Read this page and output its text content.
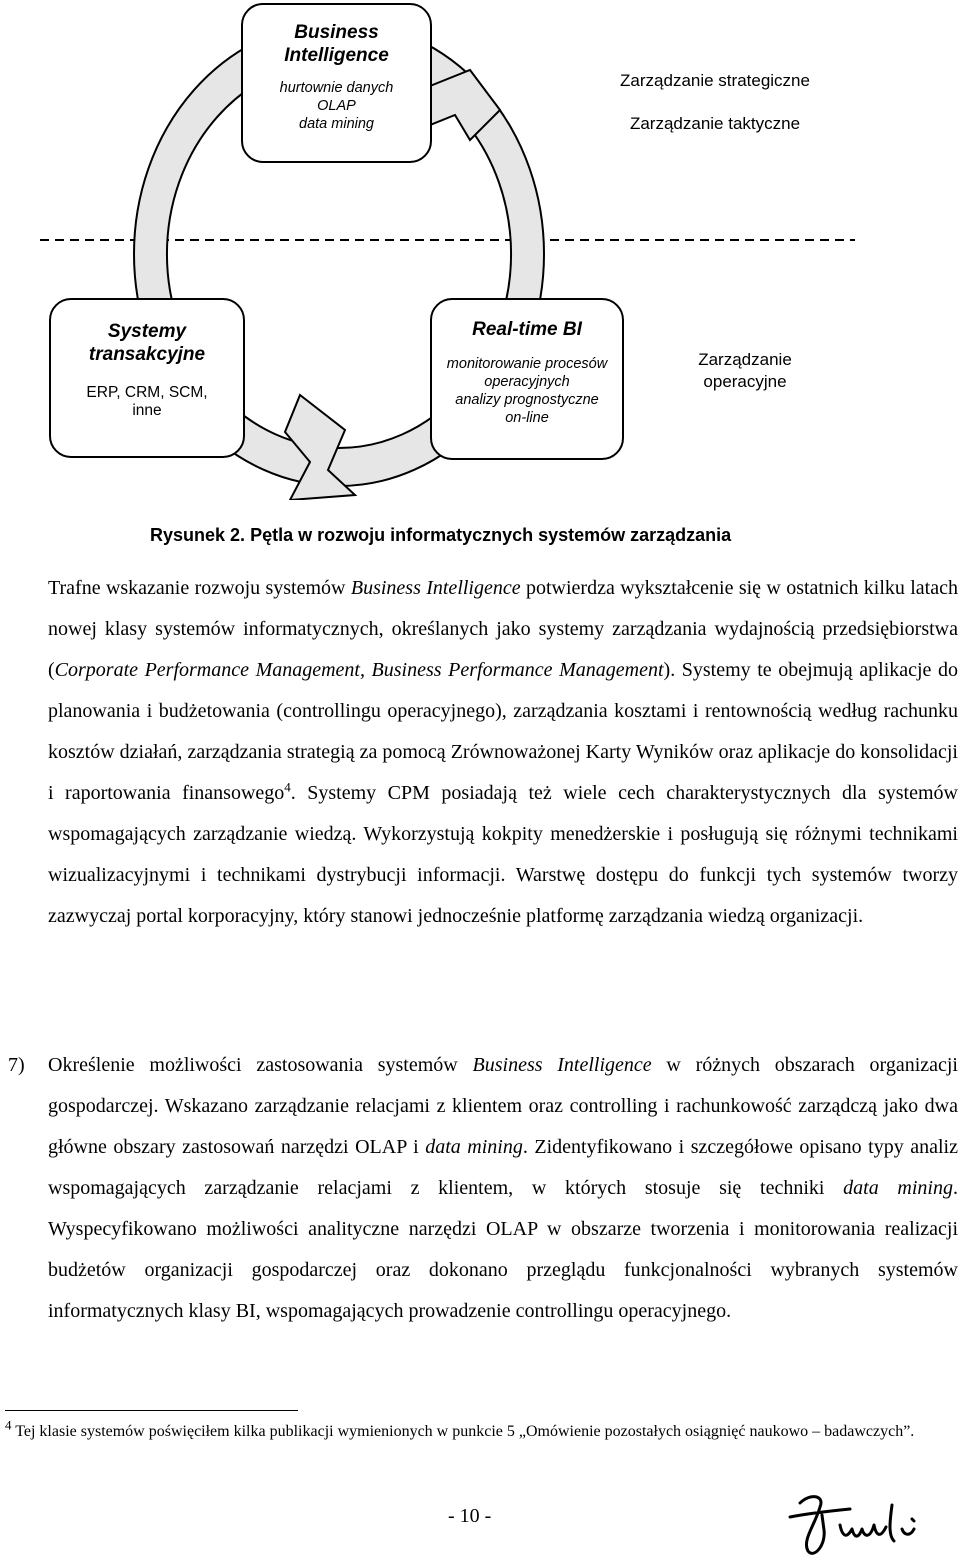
Business
Intelligence
hurtownie danych
OLAP
data mining
Systemy
transakcyjne
ERP, CRM, SCM,
inne
Real-time BI
monitorowanie procesów
operacyjnych
analizy prognostyczne
on-line
Zarządzanie strategiczne
Zarządzanie taktyczne
Zarządzanie
operacyjne
Rysunek 2. Pętla w rozwoju informatycznych systemów zarządzania

Trafne wskazanie rozwoju systemów Business Intelligence potwierdza wykształcenie się w ostatnich kilku latach nowej klasy systemów informatycznych, określanych jako systemy zarządzania wydajnością przedsiębiorstwa (Corporate Performance Management, Business Performance Management). Systemy te obejmują aplikacje do planowania i budżetowania (controllingu operacyjnego), zarządzania kosztami i rentownością według rachunku kosztów działań, zarządzania strategią za pomocą Zrównoważonej Karty Wyników oraz aplikacje do konsolidacji i raportowania finansowego$^4$. Systemy CPM posiadają też wiele cech charakterystycznych dla systemów wspomagających zarządzanie wiedzą. Wykorzystują kokpity menedżerskie i posługują się różnymi technikami wizualizacyjnymi i technikami dystrybucji informacji. Warstwę dostępu do funkcji tych systemów tworzy zazwyczaj portal korporacyjny, który stanowi jednocześnie platformę zarządzania wiedzą organizacji.

7) Określenie możliwości zastosowania systemów Business Intelligence w różnych obszarach organizacji gospodarczej. Wskazano zarządzanie relacjami z klientem oraz controlling i rachunkowość zarządczą jako dwa główne obszary zastosowań narzędzi OLAP i data mining. Zidentyfikowano i szczegółowe opisano typy analiz wspomagających zarządzanie relacjami z klientem, w których stosuje się techniki data mining. Wyspecyfikowano możliwości analityczne narzędzi OLAP w obszarze tworzenia i monitorowania realizacji budżetów organizacji gospodarczej oraz dokonano przeglądu funkcjonalności wybranych systemów informatycznych klasy BI, wspomagających prowadzenie controllingu operacyjnego.

$^4$ Tej klasie systemów poświęciłem kilka publikacji wymienionych w punkcie 5 „Omówienie pozostałych osiągnięć naukowo – badawczych”.
- 10 -
